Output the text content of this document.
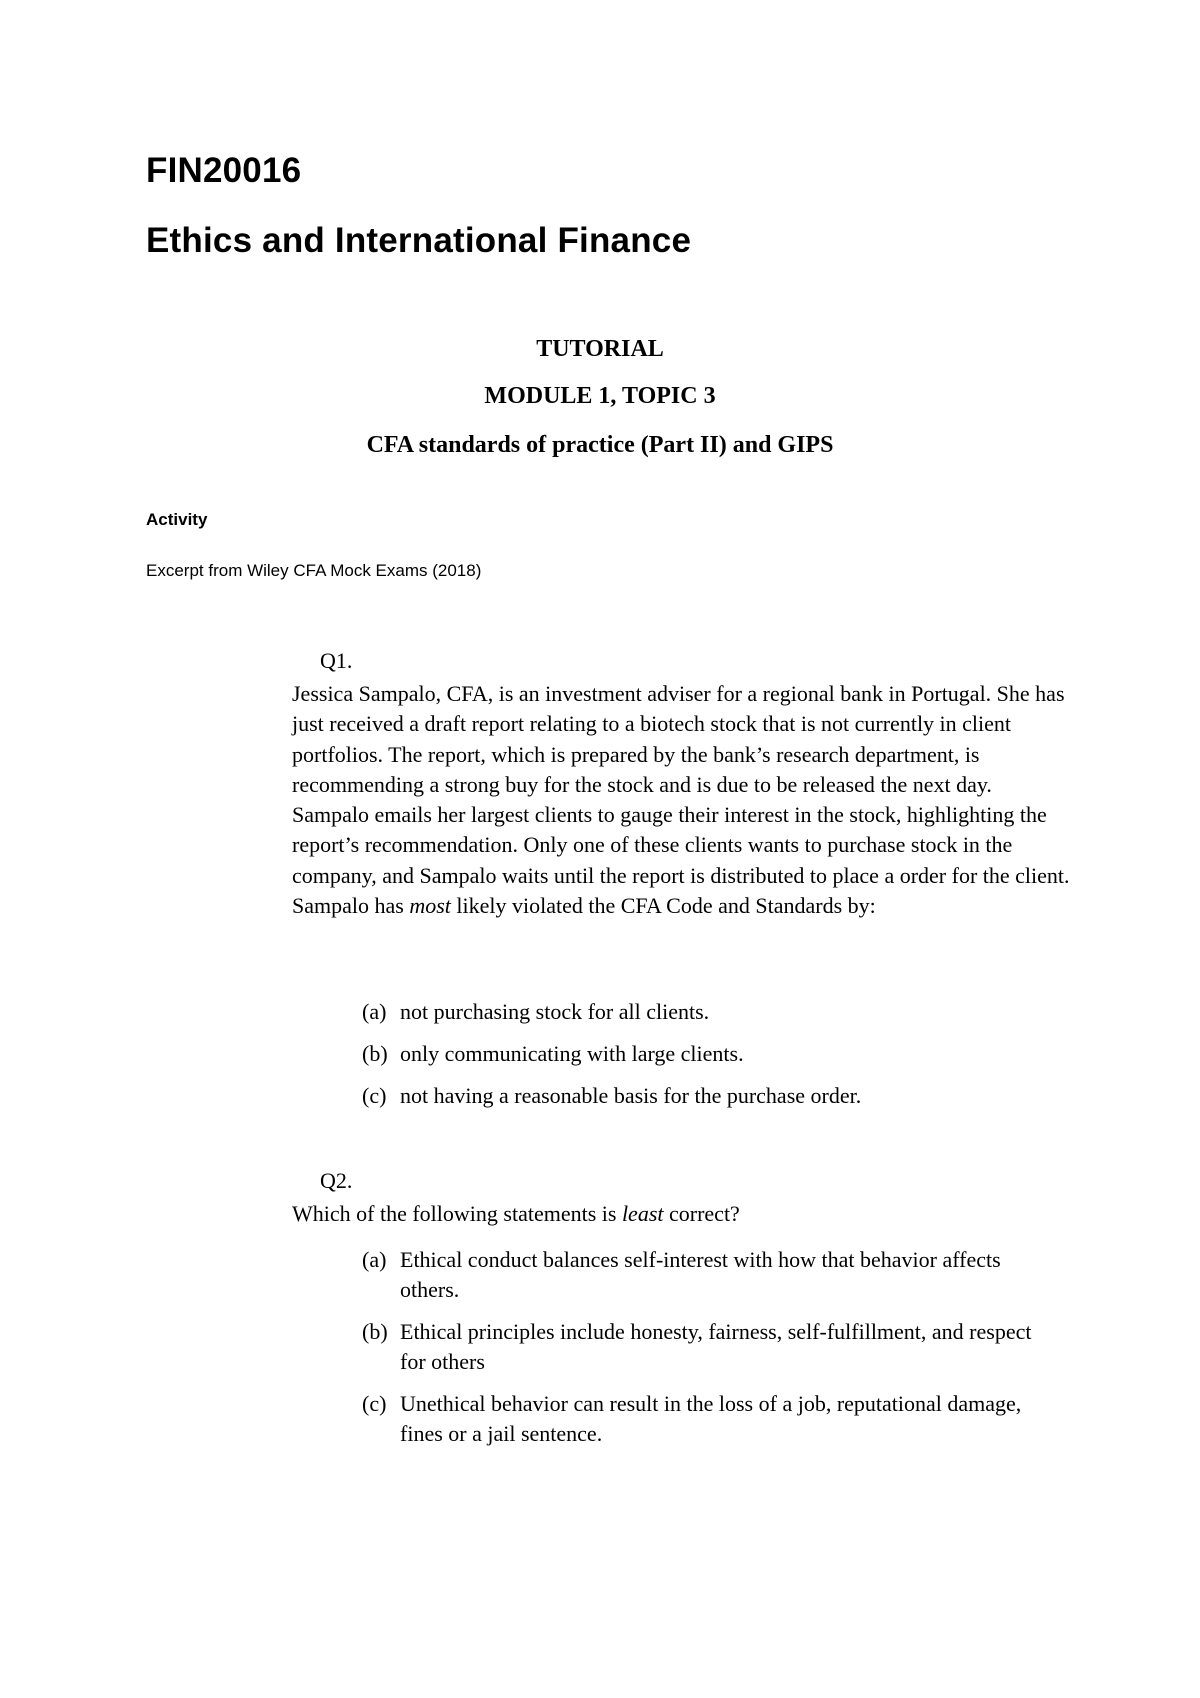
FIN20016
Ethics and International Finance
TUTORIAL
MODULE 1, TOPIC 3
CFA standards of practice (Part II) and GIPS
Activity
Excerpt from Wiley CFA Mock Exams (2018)
Q1.

Jessica Sampalo, CFA, is an investment adviser for a regional bank in Portugal. She has just received a draft report relating to a biotech stock that is not currently in client portfolios. The report, which is prepared by the bank’s research department, is recommending a strong buy for the stock and is due to be released the next day. Sampalo emails her largest clients to gauge their interest in the stock, highlighting the report’s recommendation. Only one of these clients wants to purchase stock in the company, and Sampalo waits until the report is distributed to place a order for the client. Sampalo has most likely violated the CFA Code and Standards by:

(a) not purchasing stock for all clients.
(b) only communicating with large clients.
(c) not having a reasonable basis for the purchase order.
Q2.

Which of the following statements is least correct?

(a) Ethical conduct balances self-interest with how that behavior affects others.
(b) Ethical principles include honesty, fairness, self-fulfillment, and respect for others
(c) Unethical behavior can result in the loss of a job, reputational damage, fines or a jail sentence.
